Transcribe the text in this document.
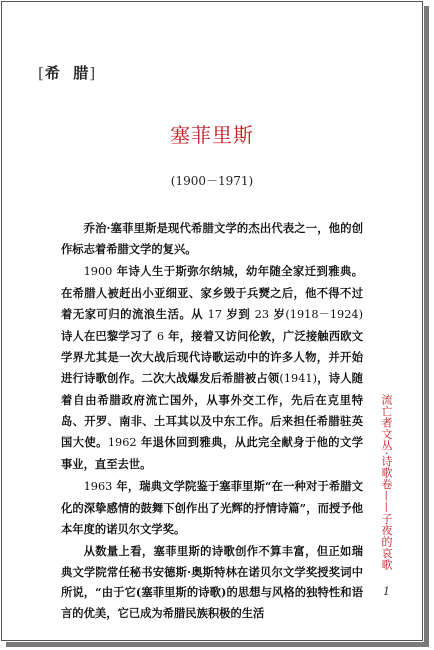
[希  腊]
塞菲里斯
(1900－1971)

乔治·塞菲里斯是现代希腊文学的杰出代表之一，他的创作标志着希腊文学的复兴。

1900 年诗人生于斯弥尔纳城，幼年随全家迁到雅典。在希腊人被赶出小亚细亚、家乡毁于兵燹之后，他不得不过着无家可归的流浪生活。从 17 岁到 23 岁(1918－1924)诗人在巴黎学习了 6 年，接着又访问伦敦，广泛接触西欧文学界尤其是一次大战后现代诗歌运动中的许多人物，并开始进行诗歌创作。二次大战爆发后希腊被占领(1941)，诗人随着自由希腊政府流亡国外，从事外交工作，先后在克里特岛、开罗、南非、土耳其以及中东工作。后来担任希腊驻英国大使。1962 年退休回到雅典，从此完全献身于他的文学事业，直至去世。

1963 年，瑞典文学院鉴于塞菲里斯“在一种对于希腊文化的深挚感情的鼓舞下创作出了光辉的抒情诗篇”，而授予他本年度的诺贝尔文学奖。

从数量上看，塞菲里斯的诗歌创作不算丰富，但正如瑞典文学院常任秘书安德斯·奥斯特林在诺贝尔文学奖授奖词中所说，“由于它(塞菲里斯的诗歌)的思想与风格的独特性和语言的优美，它已成为希腊民族积极的生活

流亡者文丛·诗歌卷——子夜的哀歌
1
